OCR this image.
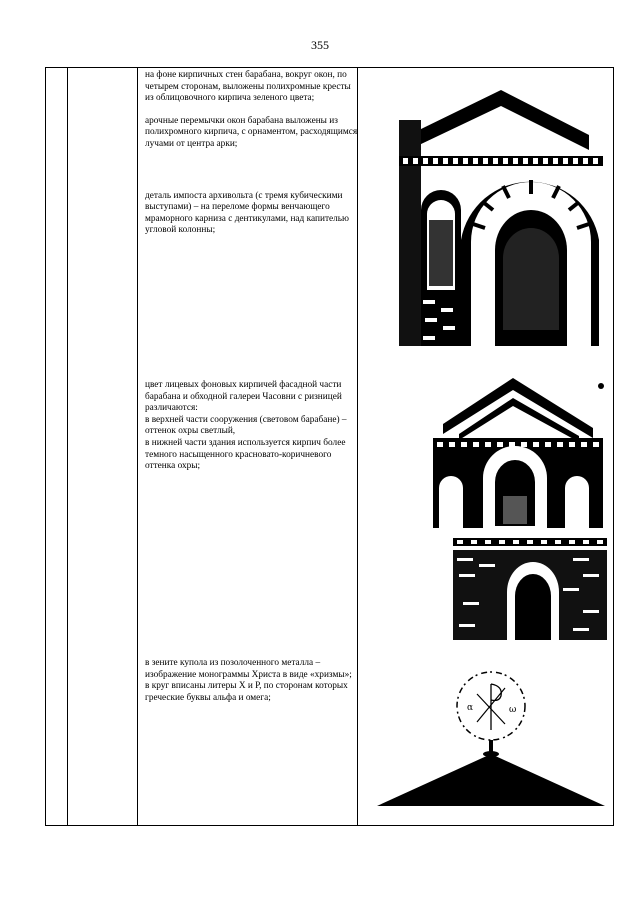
355

на фоне кирпичных стен барабана, вокруг окон, по четырем сторонам, выложены полихромные кресты из облицовочного кирпича зеленого цвета;

арочные перемычки окон барабана выложены из полихромного кирпича, с орнаментом, расходящимся лучами от центра арки;

деталь импоста архивольта (с тремя кубическими выступами) – на переломе формы венчающего мраморного карниза с дентикулами, над капителью угловой колонны;

цвет лицевых фоновых кирпичей фасадной части барабана и обходной галереи Часовни с ризницей различаются:

в верхней части сооружения (световом барабане) – оттенок охры светлый,

в нижней части здания используется кирпич более темного насыщенного красновато-коричневого оттенка охры;

в зените купола из позолоченного металла – изображение монограммы Христа в виде «хризмы»;

в круг вписаны литеры Х и Р, по сторонам которых греческие буквы альфа и омега;

α	ω
